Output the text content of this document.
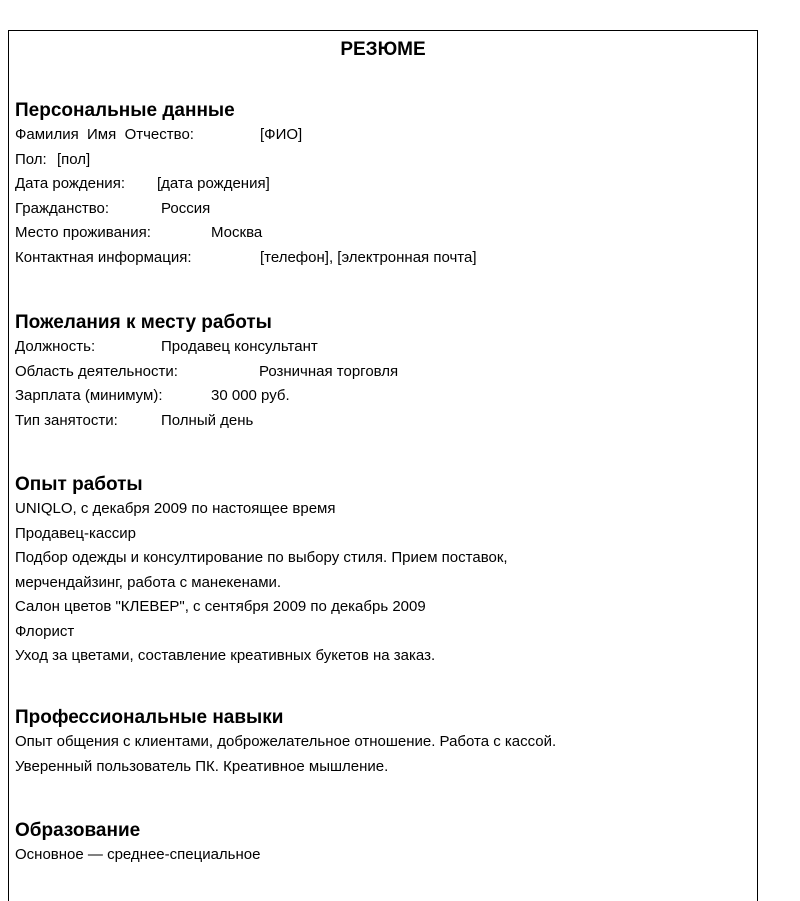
РЕЗЮМЕ
Персональные данные
Фамилия  Имя  Отчество:	[ФИО]
Пол: [пол]
Дата рождения: [дата рождения]
Гражданство:	Россия
Место проживания:	Москва
Контактная информация:	[телефон], [электронная почта]
Пожелания к месту работы
Должность:	Продавец консультант
Область деятельности:	Розничная торговля
Зарплата (минимум):	30 000 руб.
Тип занятости:	Полный день
Опыт работы
UNIQLO, с декабря 2009 по настоящее время
Продавец-кассир
Подбор одежды и консултирование по выбору стиля. Прием поставок,
мерчендайзинг, работа с манекенами.
Салон цветов "КЛЕВЕР", с сентября 2009 по декабрь 2009
Флорист
Уход за цветами, составление креативных букетов на заказ.
Профессиональные навыки
Опыт общения с клиентами, доброжелательное отношение. Работа с кассой.
Уверенный пользователь ПК. Креативное мышление.
Образование
Основное — среднее-специальное
